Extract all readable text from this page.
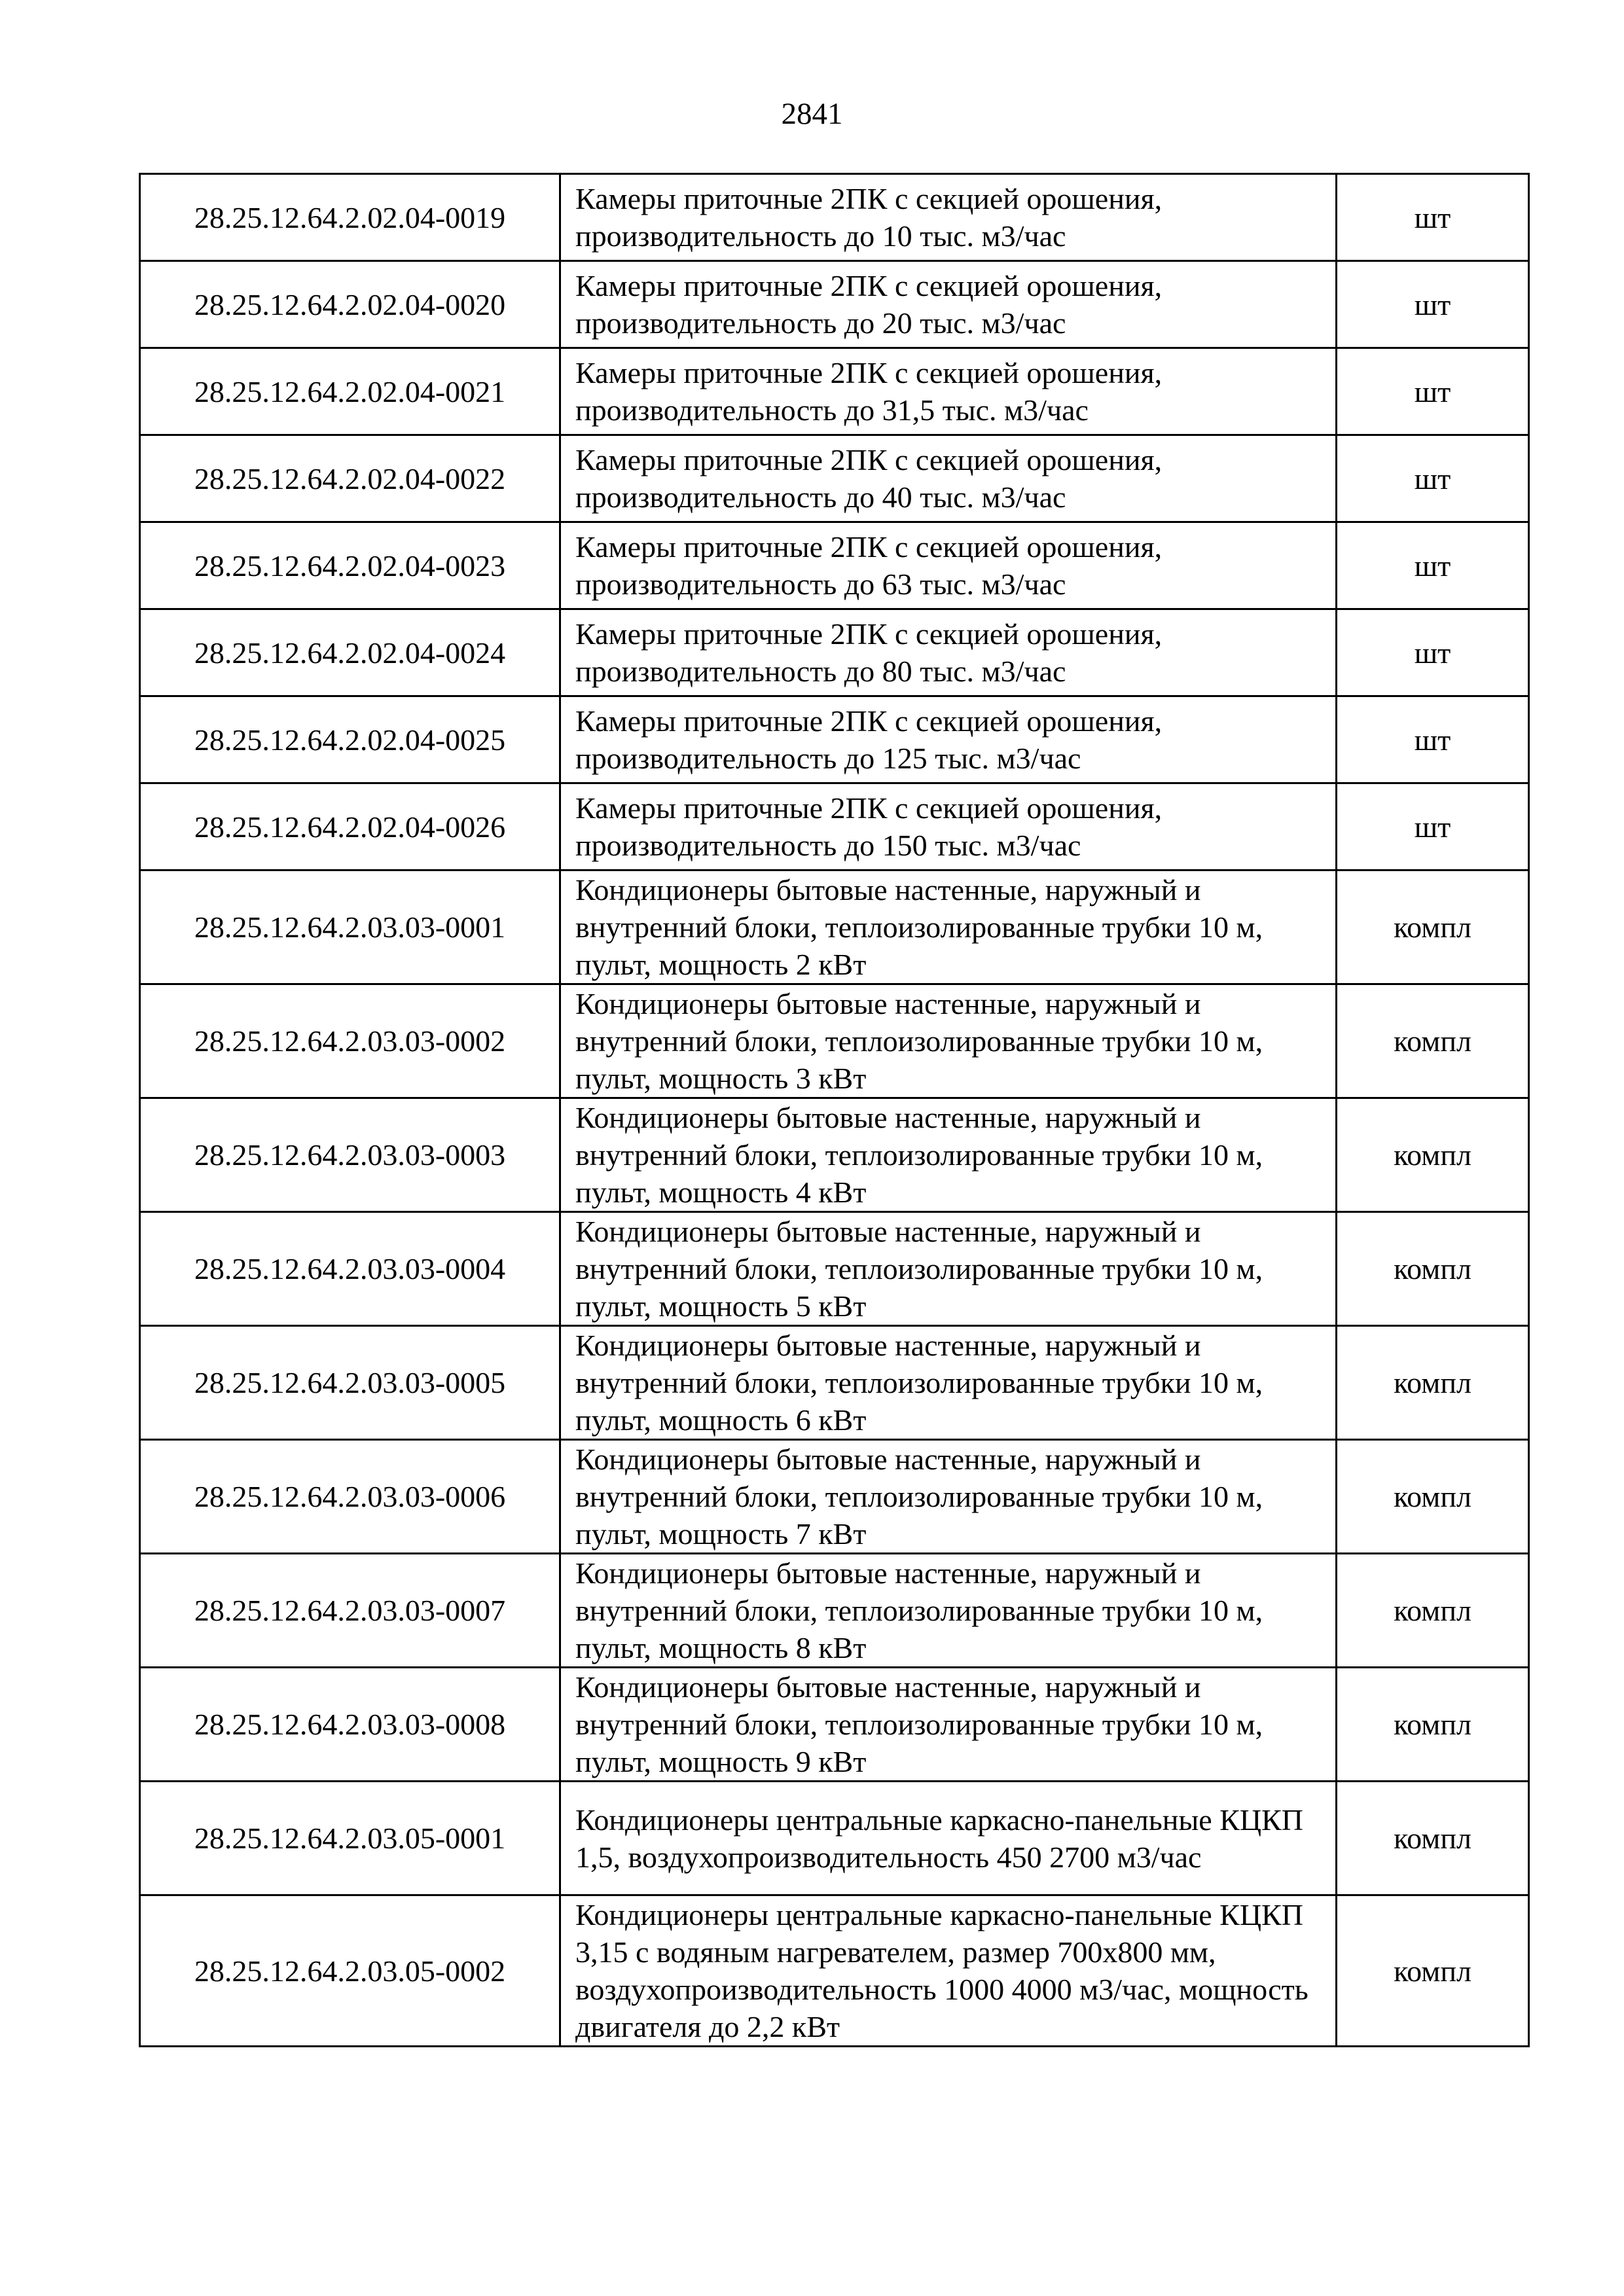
2841
28.25.12.64.2.02.04-0019	Камеры приточные 2ПК с секцией орошения, производительность до 10 тыс. м3/час	шт
28.25.12.64.2.02.04-0020	Камеры приточные 2ПК с секцией орошения, производительность до 20 тыс. м3/час	шт
28.25.12.64.2.02.04-0021	Камеры приточные 2ПК с секцией орошения, производительность до 31,5 тыс. м3/час	шт
28.25.12.64.2.02.04-0022	Камеры приточные 2ПК с секцией орошения, производительность до 40 тыс. м3/час	шт
28.25.12.64.2.02.04-0023	Камеры приточные 2ПК с секцией орошения, производительность до 63 тыс. м3/час	шт
28.25.12.64.2.02.04-0024	Камеры приточные 2ПК с секцией орошения, производительность до 80 тыс. м3/час	шт
28.25.12.64.2.02.04-0025	Камеры приточные 2ПК с секцией орошения, производительность до 125 тыс. м3/час	шт
28.25.12.64.2.02.04-0026	Камеры приточные 2ПК с секцией орошения, производительность до 150 тыс. м3/час	шт
28.25.12.64.2.03.03-0001	Кондиционеры бытовые настенные, наружный и внутренний блоки, теплоизолированные трубки 10 м, пульт, мощность 2 кВт	компл
28.25.12.64.2.03.03-0002	Кондиционеры бытовые настенные, наружный и внутренний блоки, теплоизолированные трубки 10 м, пульт, мощность 3 кВт	компл
28.25.12.64.2.03.03-0003	Кондиционеры бытовые настенные, наружный и внутренний блоки, теплоизолированные трубки 10 м, пульт, мощность 4 кВт	компл
28.25.12.64.2.03.03-0004	Кондиционеры бытовые настенные, наружный и внутренний блоки, теплоизолированные трубки 10 м, пульт, мощность 5 кВт	компл
28.25.12.64.2.03.03-0005	Кондиционеры бытовые настенные, наружный и внутренний блоки, теплоизолированные трубки 10 м, пульт, мощность 6 кВт	компл
28.25.12.64.2.03.03-0006	Кондиционеры бытовые настенные, наружный и внутренний блоки, теплоизолированные трубки 10 м, пульт, мощность 7 кВт	компл
28.25.12.64.2.03.03-0007	Кондиционеры бытовые настенные, наружный и внутренний блоки, теплоизолированные трубки 10 м, пульт, мощность 8 кВт	компл
28.25.12.64.2.03.03-0008	Кондиционеры бытовые настенные, наружный и внутренний блоки, теплоизолированные трубки 10 м, пульт, мощность 9 кВт	компл
28.25.12.64.2.03.05-0001	Кондиционеры центральные каркасно-панельные КЦКП 1,5, воздухопроизводительность 450 2700 м3/час	компл
28.25.12.64.2.03.05-0002	Кондиционеры центральные каркасно-панельные КЦКП 3,15 с водяным нагревателем, размер 700х800 мм, воздухопроизводительность 1000 4000 м3/час, мощность двигателя до 2,2 кВт	компл
